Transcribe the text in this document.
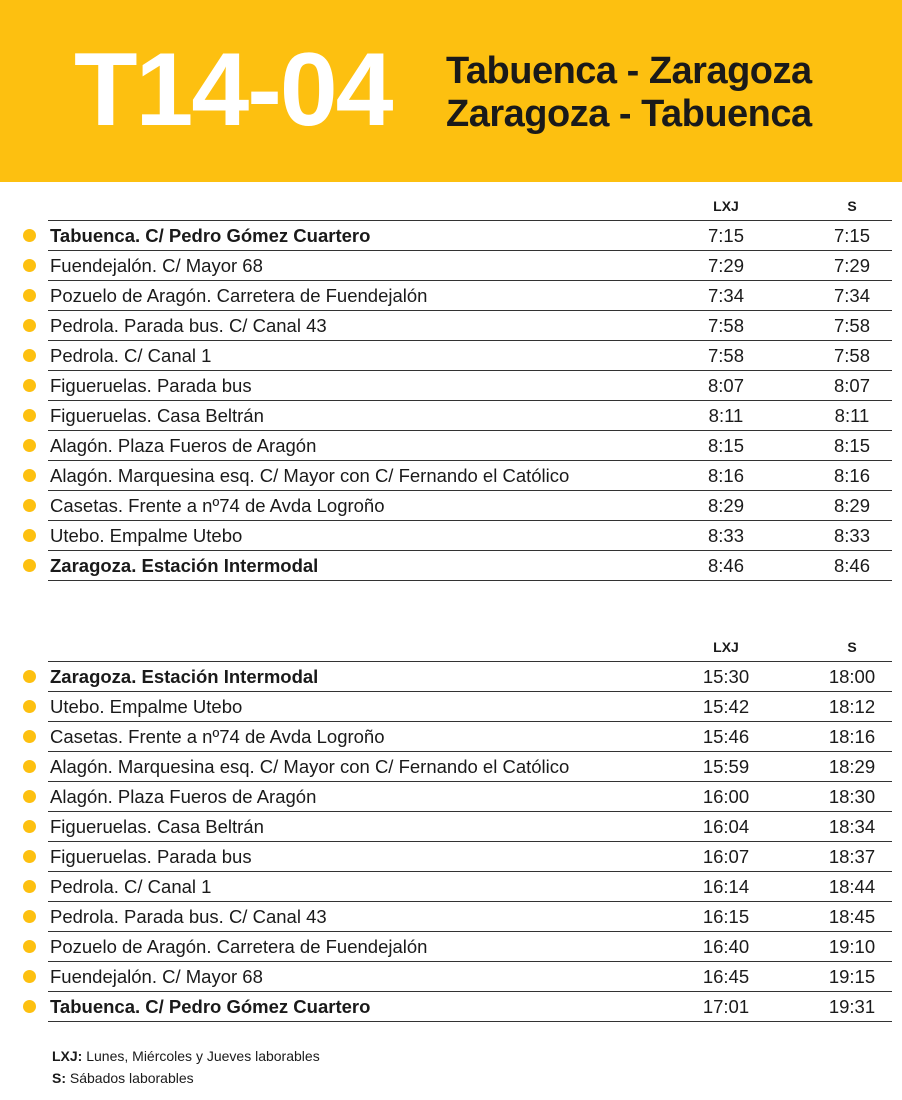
T14-04 Tabuenca - Zaragoza
Zaragoza - Tabuenca
LXJ	S
Tabuenca. C/ Pedro Gómez Cuartero	7:15	7:15
Fuendejalón. C/ Mayor 68	7:29	7:29
Pozuelo de Aragón. Carretera de Fuendejalón	7:34	7:34
Pedrola. Parada bus. C/ Canal 43	7:58	7:58
Pedrola. C/ Canal 1	7:58	7:58
Figueruelas. Parada bus	8:07	8:07
Figueruelas. Casa Beltrán	8:11	8:11
Alagón. Plaza Fueros de Aragón	8:15	8:15
Alagón. Marquesina esq. C/ Mayor con C/ Fernando el Católico	8:16	8:16
Casetas. Frente a nº74 de Avda Logroño	8:29	8:29
Utebo. Empalme Utebo	8:33	8:33
Zaragoza. Estación Intermodal	8:46	8:46
LXJ	S
Zaragoza. Estación Intermodal	15:30	18:00
Utebo. Empalme Utebo	15:42	18:12
Casetas. Frente a nº74 de Avda Logroño	15:46	18:16
Alagón. Marquesina esq. C/ Mayor con C/ Fernando el Católico	15:59	18:29
Alagón. Plaza Fueros de Aragón	16:00	18:30
Figueruelas. Casa Beltrán	16:04	18:34
Figueruelas. Parada bus	16:07	18:37
Pedrola. C/ Canal 1	16:14	18:44
Pedrola. Parada bus. C/ Canal 43	16:15	18:45
Pozuelo de Aragón. Carretera de Fuendejalón	16:40	19:10
Fuendejalón. C/ Mayor 68	16:45	19:15
Tabuenca. C/ Pedro Gómez Cuartero	17:01	19:31
LXJ: Lunes, Miércoles y Jueves laborables
S: Sábados laborables
